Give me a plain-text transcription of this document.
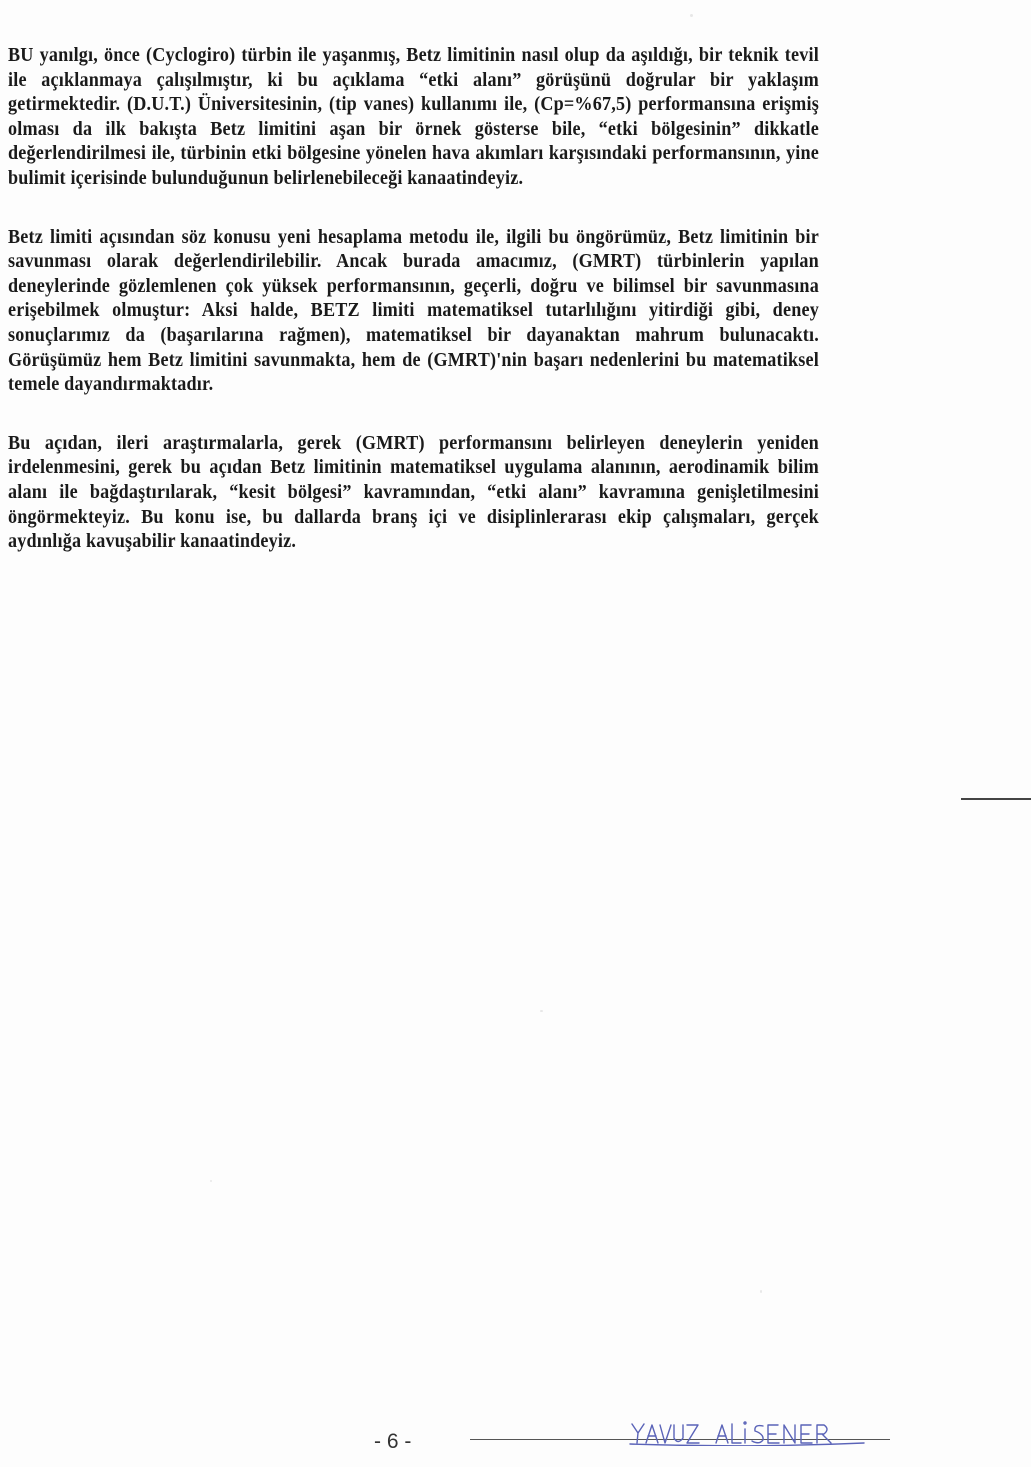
BU yanılgı, önce (Cyclogiro) türbin ile yaşanmış, Betz limitinin nasıl olup da aşıldığı, bir teknik tevil ile açıklanmaya çalışılmıştır, ki bu açıklama “etki alanı” görüşünü doğrular bir yaklaşım getirmektedir. (D.U.T.) Üniversitesinin, (tip vanes) kullanımı ile, (Cp=%67,5) performansına erişmiş olması da ilk bakışta Betz limitini aşan bir örnek gösterse bile, “etki bölgesinin” dikkatle değerlendirilmesi ile, türbinin etki bölgesine yönelen hava akımları karşısındaki performansının, yine bulimit içerisinde bulunduğunun belirlenebileceği kanaatindeyiz.

Betz limiti açısından söz konusu yeni hesaplama metodu ile, ilgili bu öngörümüz, Betz limitinin bir savunması olarak değerlendirilebilir. Ancak burada amacımız, (GMRT) türbinlerin yapılan deneylerinde gözlemlenen çok yüksek performansının, geçerli, doğru ve bilimsel bir savunmasına erişebilmek olmuştur: Aksi halde, BETZ limiti matematiksel tutarlılığını yitirdiği gibi, deney sonuçlarımız da (başarılarına rağmen), matematiksel bir dayanaktan mahrum bulunacaktı. Görüşümüz hem Betz limitini savunmakta, hem de (GMRT)'nin başarı nedenlerini bu matematiksel temele dayandırmaktadır.

Bu açıdan, ileri araştırmalarla, gerek (GMRT) performansını belirleyen deneylerin yeniden irdelenmesini, gerek bu açıdan Betz limitinin matematiksel uygulama alanının, aerodinamik bilim alanı ile bağdaştırılarak, “kesit bölgesi” kavramından, “etki alanı” kavramına genişletilmesini öngörmekteyiz. Bu konu ise, bu dallarda branş içi ve disiplinlerarası ekip çalışmaları, gerçek aydınlığa kavuşabilir kanaatindeyiz.

- 6 -
